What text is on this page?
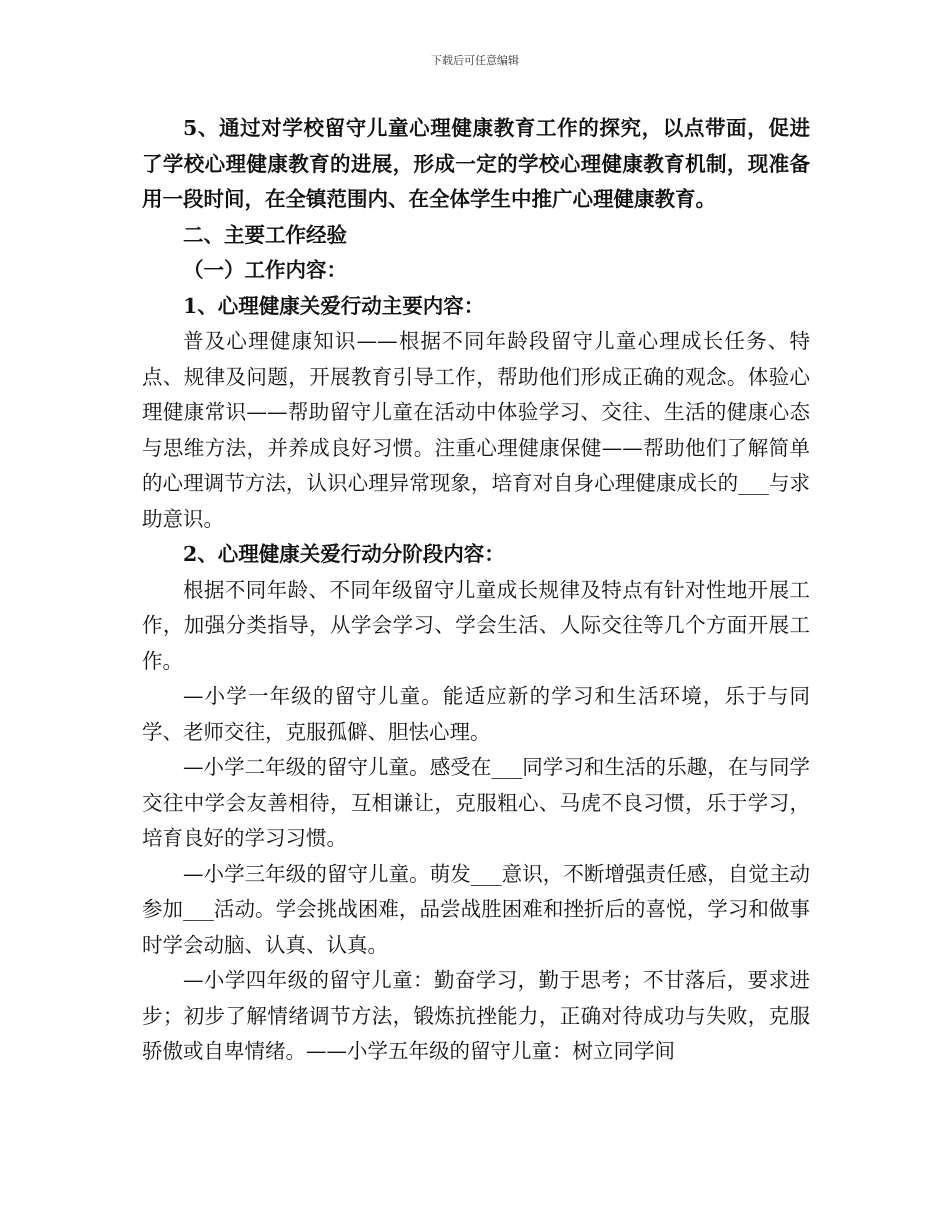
下载后可任意编辑

5、通过对学校留守儿童心理健康教育工作的探究，以点带面，促进了学校心理健康教育的进展，形成一定的学校心理健康教育机制，现准备用一段时间，在全镇范围内、在全体学生中推广心理健康教育。

二、主要工作经验

（一）工作内容：

1、心理健康关爱行动主要内容：

普及心理健康知识——根据不同年龄段留守儿童心理成长任务、特点、规律及问题，开展教育引导工作，帮助他们形成正确的观念。体验心理健康常识——帮助留守儿童在活动中体验学习、交往、生活的健康心态与思维方法，并养成良好习惯。注重心理健康保健——帮助他们了解简单的心理调节方法，认识心理异常现象，培育对自身心理健康成长的___与求助意识。

2、心理健康关爱行动分阶段内容：

根据不同年龄、不同年级留守儿童成长规律及特点有针对性地开展工作，加强分类指导，从学会学习、学会生活、人际交往等几个方面开展工作。

—小学一年级的留守儿童。能适应新的学习和生活环境，乐于与同学、老师交往，克服孤僻、胆怯心理。

—小学二年级的留守儿童。感受在___同学习和生活的乐趣，在与同学交往中学会友善相待，互相谦让，克服粗心、马虎不良习惯，乐于学习，培育良好的学习习惯。

—小学三年级的留守儿童。萌发___意识，不断增强责任感，自觉主动参加___活动。学会挑战困难，品尝战胜困难和挫折后的喜悦，学习和做事时学会动脑、认真、认真。

—小学四年级的留守儿童：勤奋学习，勤于思考；不甘落后，要求进步；初步了解情绪调节方法，锻炼抗挫能力，正确对待成功与失败，克服骄傲或自卑情绪。——小学五年级的留守儿童：树立同学间
